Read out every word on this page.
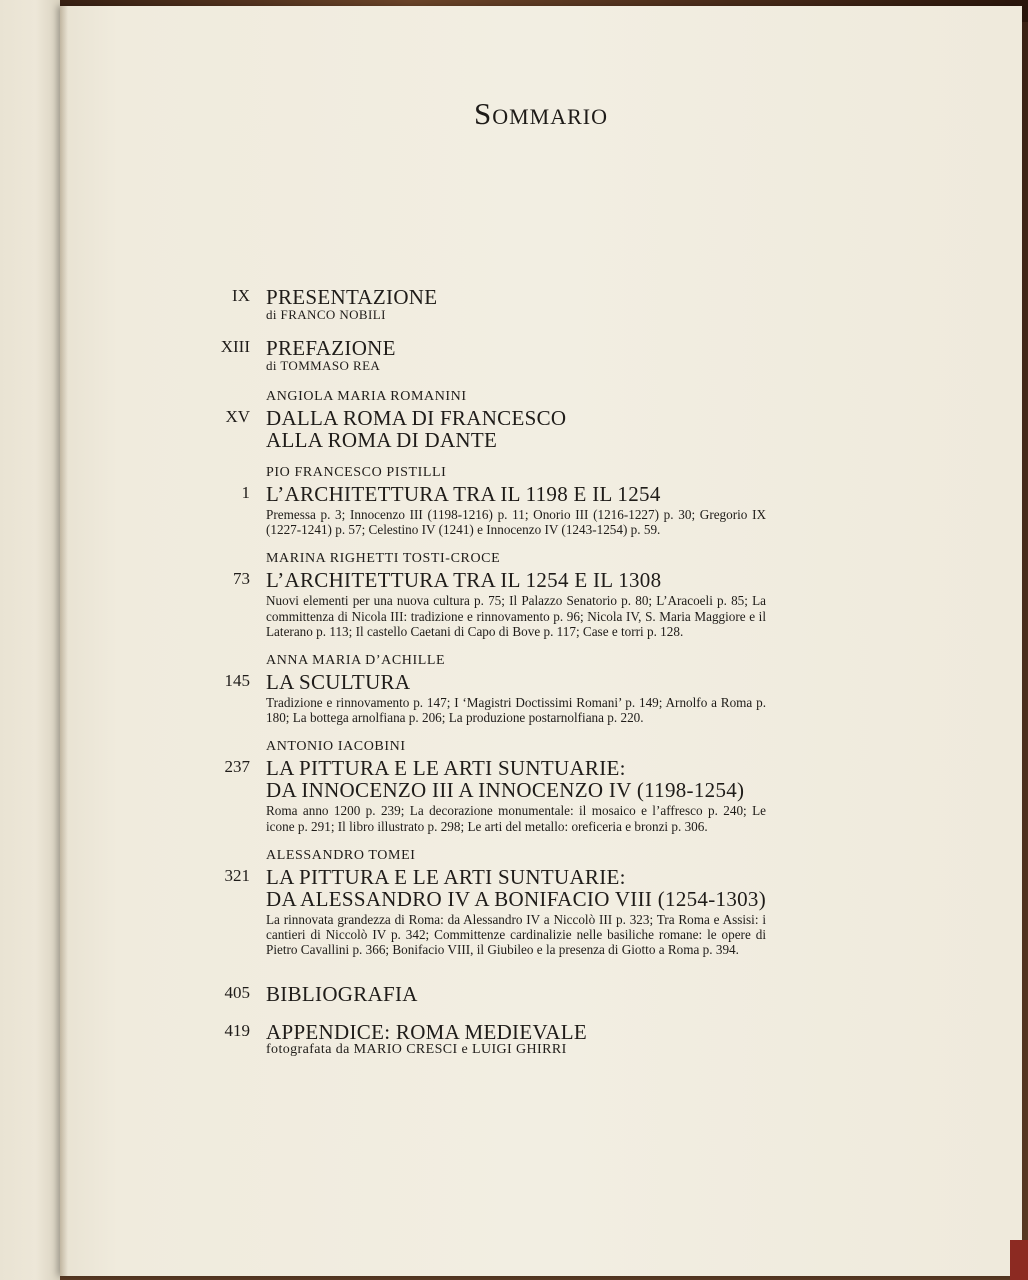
Sommario
IX PRESENTAZIONE
di FRANCO NOBILI
XIII PREFAZIONE
di TOMMASO REA
ANGIOLA MARIA ROMANINI
XV DALLA ROMA DI FRANCESCO
ALLA ROMA DI DANTE
PIO FRANCESCO PISTILLI
1 L’ARCHITETTURA TRA IL 1198 E IL 1254
Premessa p. 3; Innocenzo III (1198-1216) p. 11; Onorio III (1216-1227) p. 30; Gregorio IX (1227-1241) p. 57; Celestino IV (1241) e Innocenzo IV (1243-1254) p. 59.
MARINA RIGHETTI TOSTI-CROCE
73 L’ARCHITETTURA TRA IL 1254 E IL 1308
Nuovi elementi per una nuova cultura p. 75; Il Palazzo Senatorio p. 80; L’Aracoeli p. 85; La committenza di Nicola III: tradizione e rinnovamento p. 96; Nicola IV, S. Maria Maggiore e il Laterano p. 113; Il castello Caetani di Capo di Bove p. 117; Case e torri p. 128.
ANNA MARIA D’ACHILLE
145 LA SCULTURA
Tradizione e rinnovamento p. 147; I ‘Magistri Doctissimi Romani’ p. 149; Arnolfo a Roma p. 180; La bottega arnolfiana p. 206; La produzione postarnolfiana p. 220.
ANTONIO IACOBINI
237 LA PITTURA E LE ARTI SUNTUARIE:
DA INNOCENZO III A INNOCENZO IV (1198-1254)
Roma anno 1200 p. 239; La decorazione monumentale: il mosaico e l’affresco p. 240; Le icone p. 291; Il libro illustrato p. 298; Le arti del metallo: oreficeria e bronzi p. 306.
ALESSANDRO TOMEI
321 LA PITTURA E LE ARTI SUNTUARIE:
DA ALESSANDRO IV A BONIFACIO VIII (1254-1303)
La rinnovata grandezza di Roma: da Alessandro IV a Niccolò III p. 323; Tra Roma e Assisi: i cantieri di Niccolò IV p. 342; Committenze cardinalizie nelle basiliche romane: le opere di Pietro Cavallini p. 366; Bonifacio VIII, il Giubileo e la presenza di Giotto a Roma p. 394.
405 BIBLIOGRAFIA
419 APPENDICE: ROMA MEDIEVALE
fotografata da MARIO CRESCI e LUIGI GHIRRI
